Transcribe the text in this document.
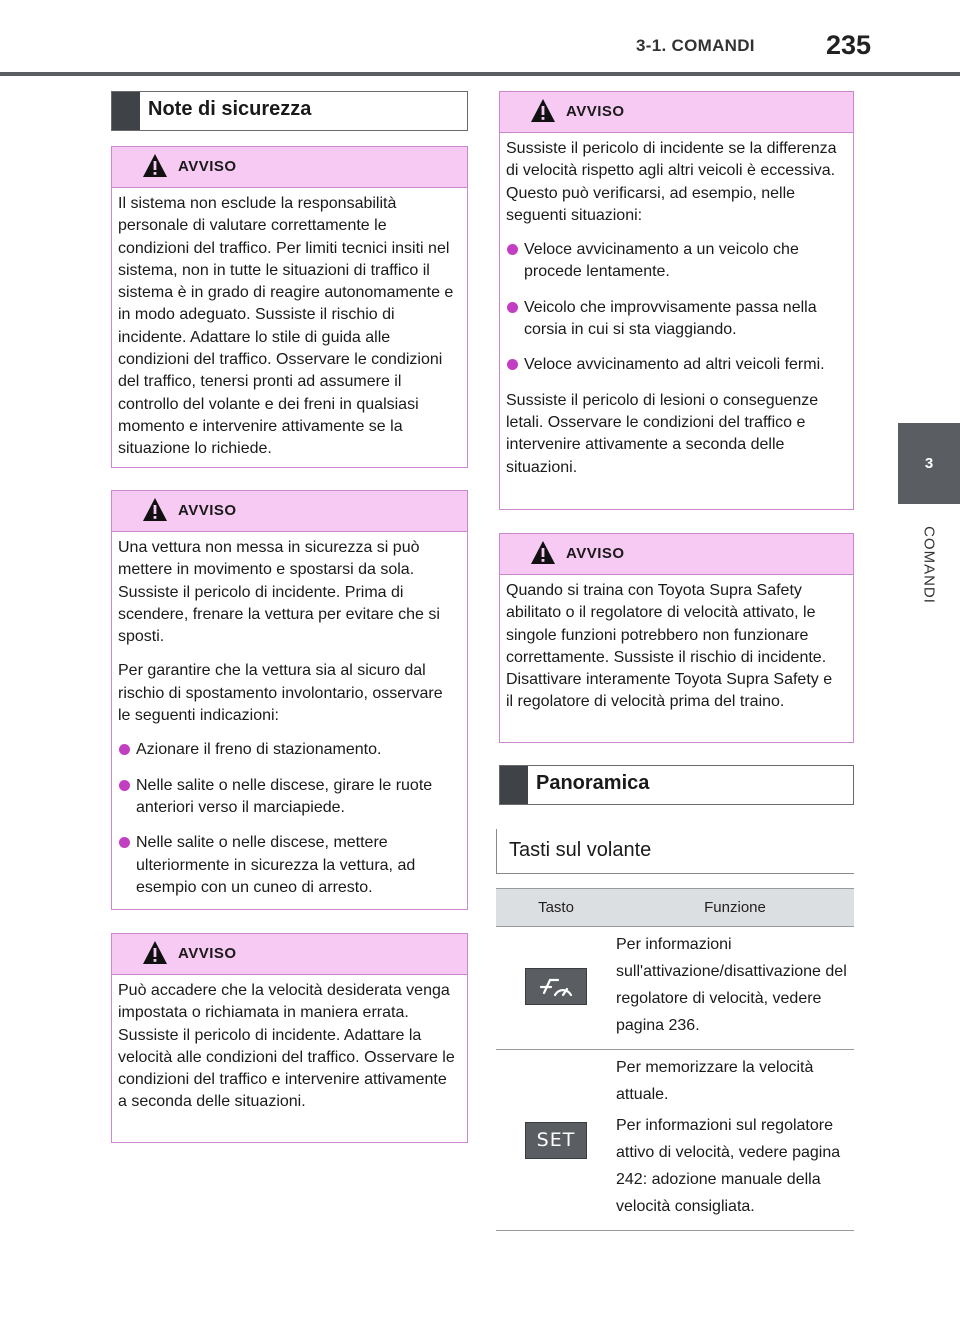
3-1. COMANDI	235
3
COMANDI
Note di sicurezza
AVVISO

Il sistema non esclude la responsabilità personale di valutare correttamente le condizioni del traffico. Per limiti tecnici insiti nel sistema, non in tutte le situazioni di traffico il sistema è in grado di reagire autonomamente e in modo adeguato. Sussiste il rischio di incidente. Adattare lo stile di guida alle condizioni del traffico. Osservare le condizioni del traffico, tenersi pronti ad assumere il controllo del volante e dei freni in qualsiasi momento e intervenire attivamente se la situazione lo richiede.

AVVISO

Una vettura non messa in sicurezza si può mettere in movimento e spostarsi da sola. Sussiste il pericolo di incidente. Prima di scendere, frenare la vettura per evitare che si sposti.

Per garantire che la vettura sia al sicuro dal rischio di spostamento involontario, osservare le seguenti indicazioni:

Azionare il freno di stazionamento.
Nelle salite o nelle discese, girare le ruote anteriori verso il marciapiede.
Nelle salite o nelle discese, mettere ulteriormente in sicurezza la vettura, ad esempio con un cuneo di arresto.
AVVISO

Può accadere che la velocità desiderata venga impostata o richiamata in maniera errata. Sussiste il pericolo di incidente. Adattare la velocità alle condizioni del traffico. Osservare le condizioni del traffico e intervenire attivamente a seconda delle situazioni.

AVVISO

Sussiste il pericolo di incidente se la differenza di velocità rispetto agli altri veicoli è eccessiva. Questo può verificarsi, ad esempio, nelle seguenti situazioni:

Veloce avvicinamento a un veicolo che procede lentamente.
Veicolo che improvvisamente passa nella corsia in cui si sta viaggiando.
Veloce avvicinamento ad altri veicoli fermi.

Sussiste il pericolo di lesioni o conseguenze letali. Osservare le condizioni del traffico e intervenire attivamente a seconda delle situazioni.

AVVISO

Quando si traina con Toyota Supra Safety abilitato o il regolatore di velocità attivato, le singole funzioni potrebbero non funzionare correttamente. Sussiste il rischio di incidente. Disattivare interamente Toyota Supra Safety e il regolatore di velocità prima del traino.

Panoramica
Tasti sul volante
Tasto	Funzione

Per informazioni sull'attivazione/disattivazione del regolatore di velocità, vedere pagina 236.

SET	Per memorizzare la velocità attuale.

Per informazioni sul regolatore attivo di velocità, vedere pagina 242: adozione manuale della velocità consigliata.
